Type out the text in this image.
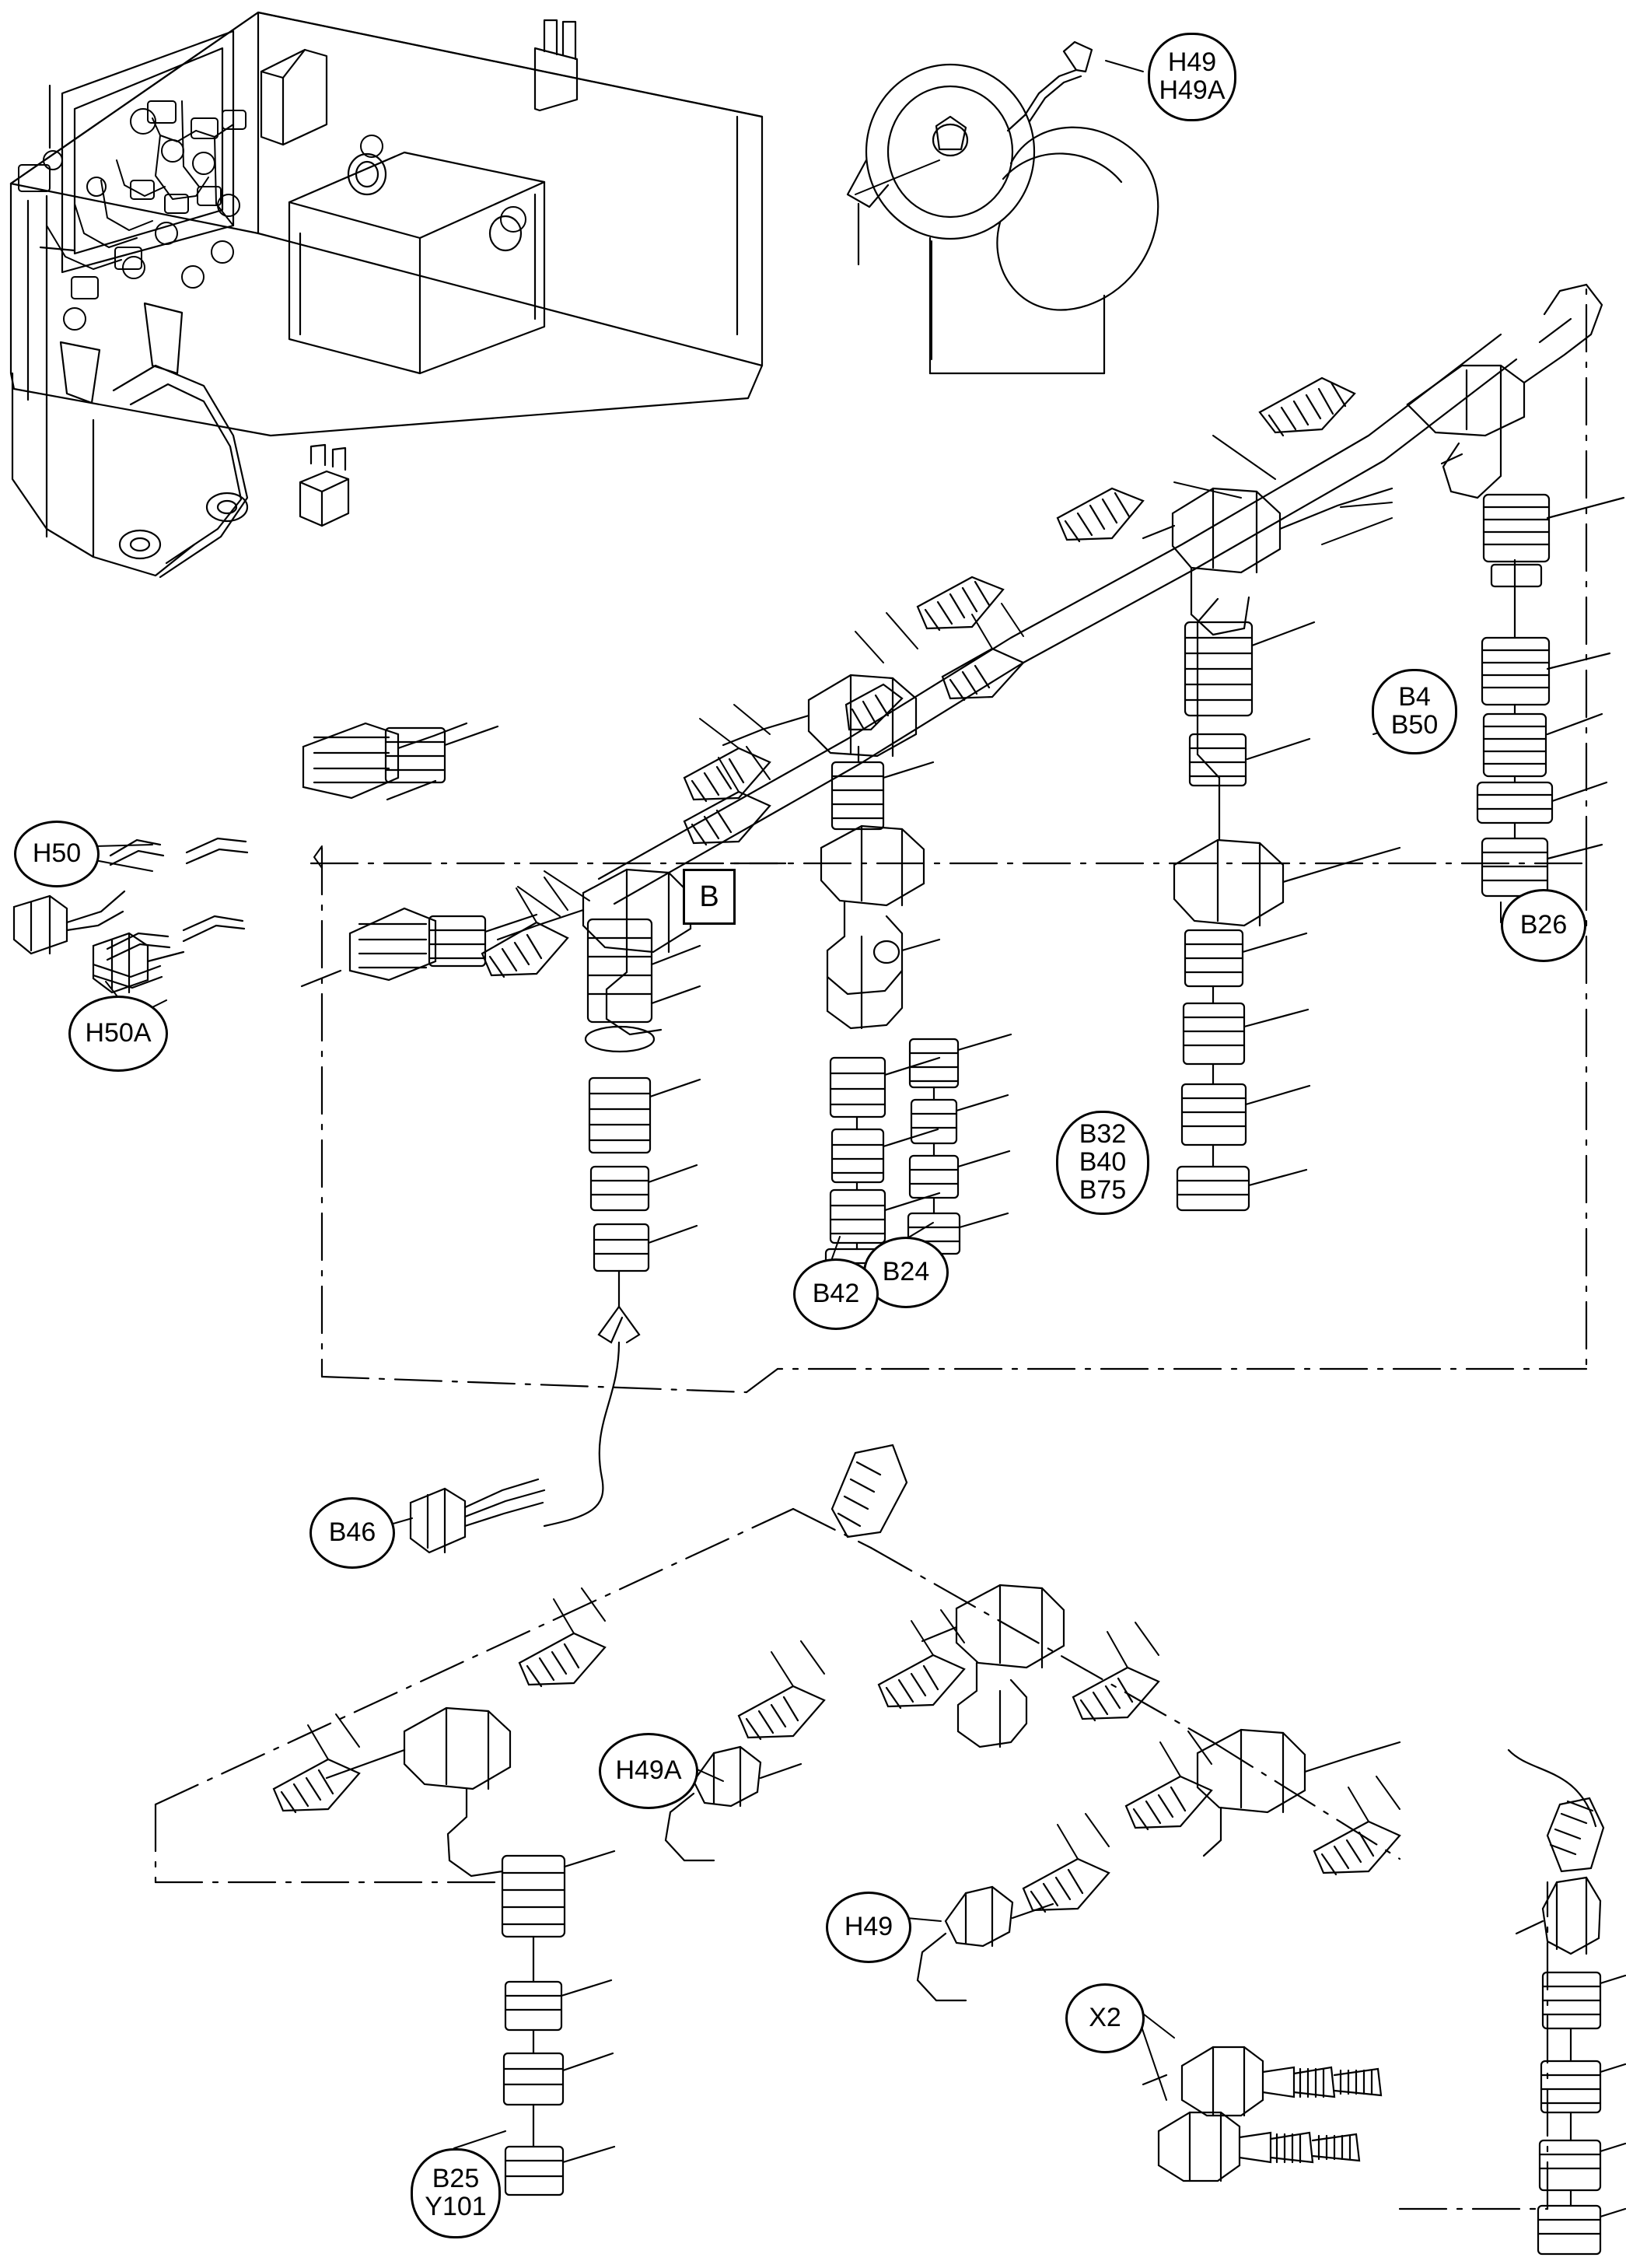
H49
H49A
B4
B50
H50
B26
H50A
B32
B40
B75
B24
B42
B46
H49A
H49
X2
B25
Y101
B
